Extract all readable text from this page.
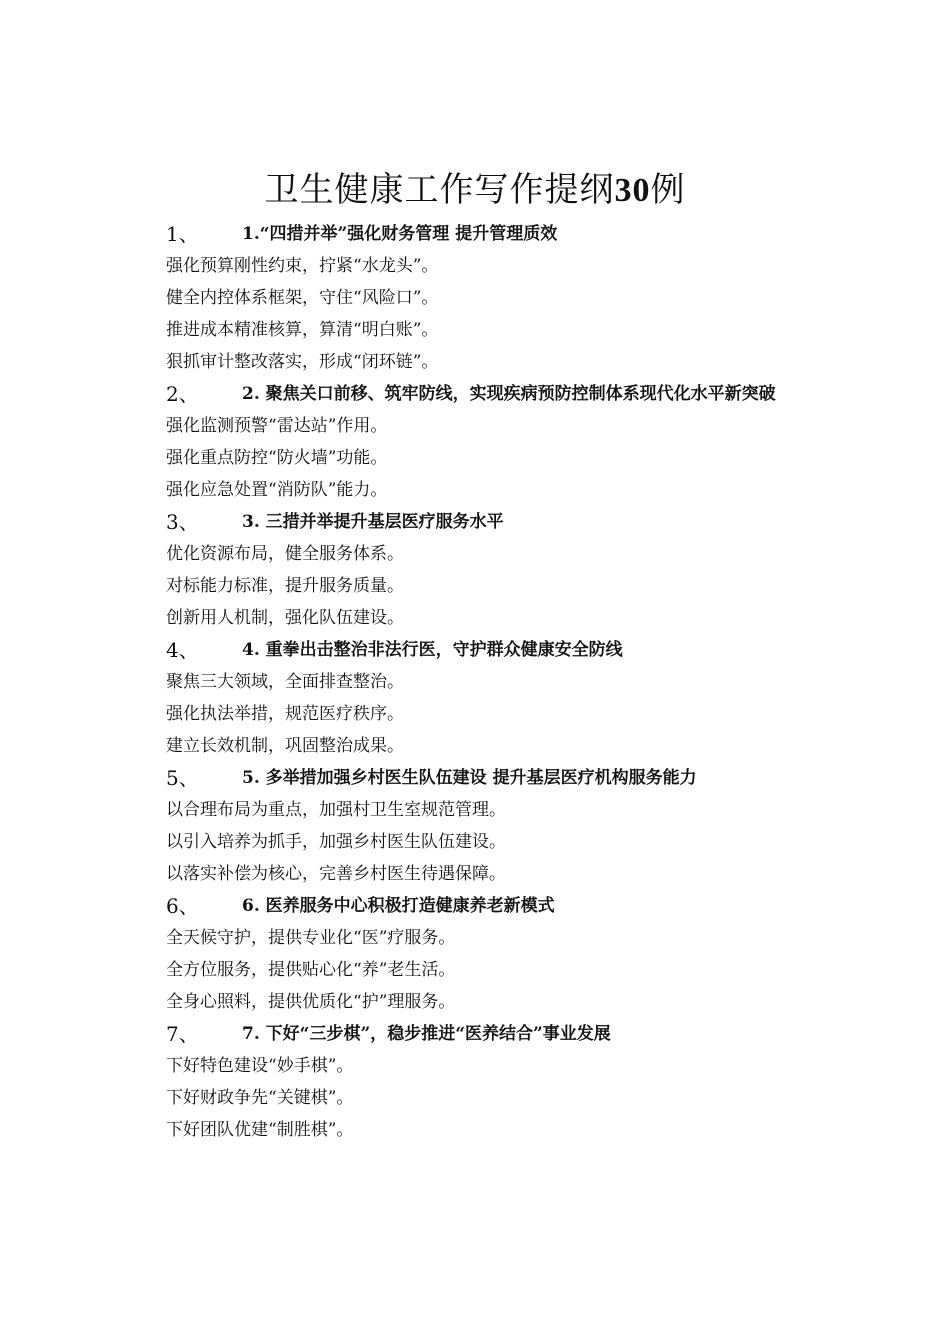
卫生健康工作写作提纲30例
1、	1.“四措并举”强化财务管理 提升管理质效
强化预算刚性约束，拧紧“水龙头”。
健全内控体系框架，守住“风险口”。
推进成本精准核算，算清“明白账”。
狠抓审计整改落实，形成“闭环链”。
2、	2. 聚焦关口前移、筑牢防线，实现疾病预防控制体系现代化水平新突破
强化监测预警“雷达站”作用。
强化重点防控“防火墙”功能。
强化应急处置“消防队”能力。
3、	3. 三措并举提升基层医疗服务水平
优化资源布局，健全服务体系。
对标能力标准，提升服务质量。
创新用人机制，强化队伍建设。
4、	4. 重拳出击整治非法行医，守护群众健康安全防线
聚焦三大领域，全面排查整治。
强化执法举措，规范医疗秩序。
建立长效机制，巩固整治成果。
5、	5. 多举措加强乡村医生队伍建设 提升基层医疗机构服务能力
以合理布局为重点，加强村卫生室规范管理。
以引入培养为抓手，加强乡村医生队伍建设。
以落实补偿为核心，完善乡村医生待遇保障。
6、	6. 医养服务中心积极打造健康养老新模式
全天候守护，提供专业化“医”疗服务。
全方位服务，提供贴心化“养”老生活。
全身心照料，提供优质化“护”理服务。
7、	7. 下好“三步棋”，稳步推进“医养结合”事业发展
下好特色建设“妙手棋”。
下好财政争先“关键棋”。
下好团队优建“制胜棋”。
